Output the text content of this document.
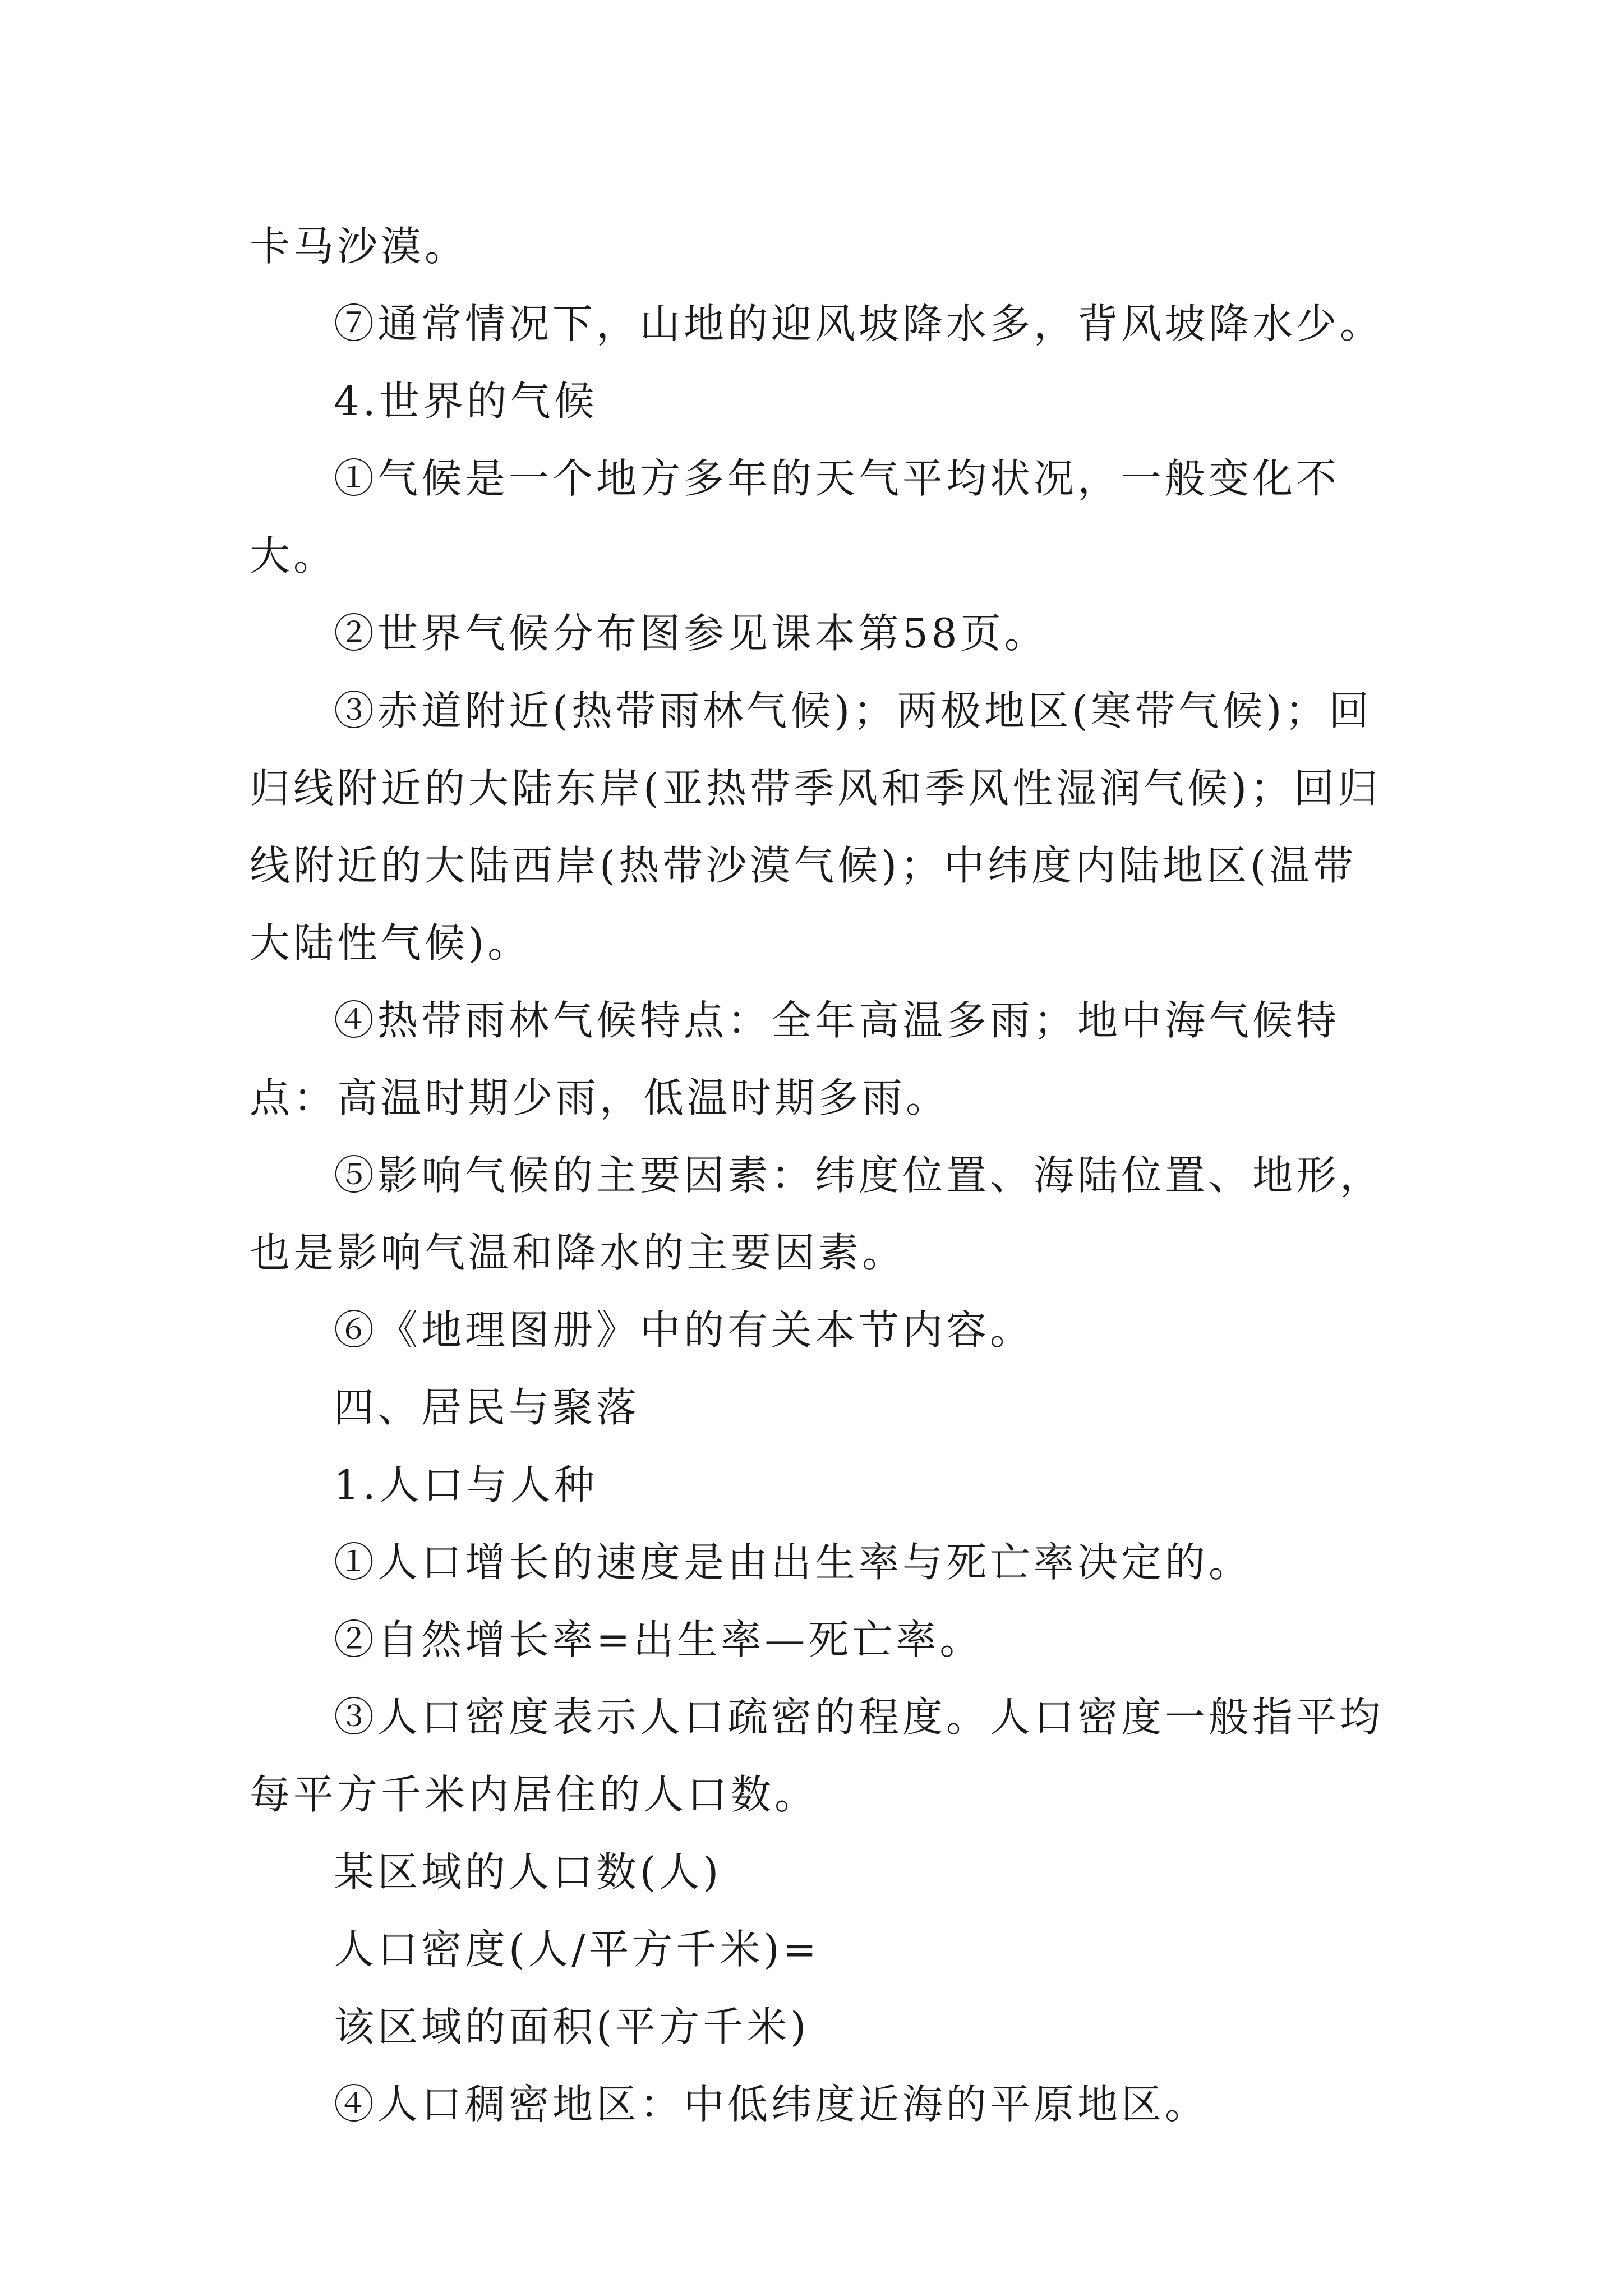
卡马沙漠。

⑦通常情况下，山地的迎风坡降水多，背风坡降水少。

4.世界的气候

①气候是一个地方多年的天气平均状况，一般变化不大。

②世界气候分布图参见课本第58页。

③赤道附近(热带雨林气候)；两极地区(寒带气候)；回归线附近的大陆东岸(亚热带季风和季风性湿润气候)；回归线附近的大陆西岸(热带沙漠气候)；中纬度内陆地区(温带大陆性气候)。

④热带雨林气候特点：全年高温多雨；地中海气候特点：高温时期少雨，低温时期多雨。

⑤影响气候的主要因素：纬度位置、海陆位置、地形，也是影响气温和降水的主要因素。

⑥《地理图册》中的有关本节内容。

四、居民与聚落

1.人口与人种

①人口增长的速度是由出生率与死亡率决定的。

②自然增长率=出生率—死亡率。

③人口密度表示人口疏密的程度。人口密度一般指平均每平方千米内居住的人口数。

某区域的人口数(人)

人口密度(人/平方千米)=

该区域的面积(平方千米)

④人口稠密地区：中低纬度近海的平原地区。
